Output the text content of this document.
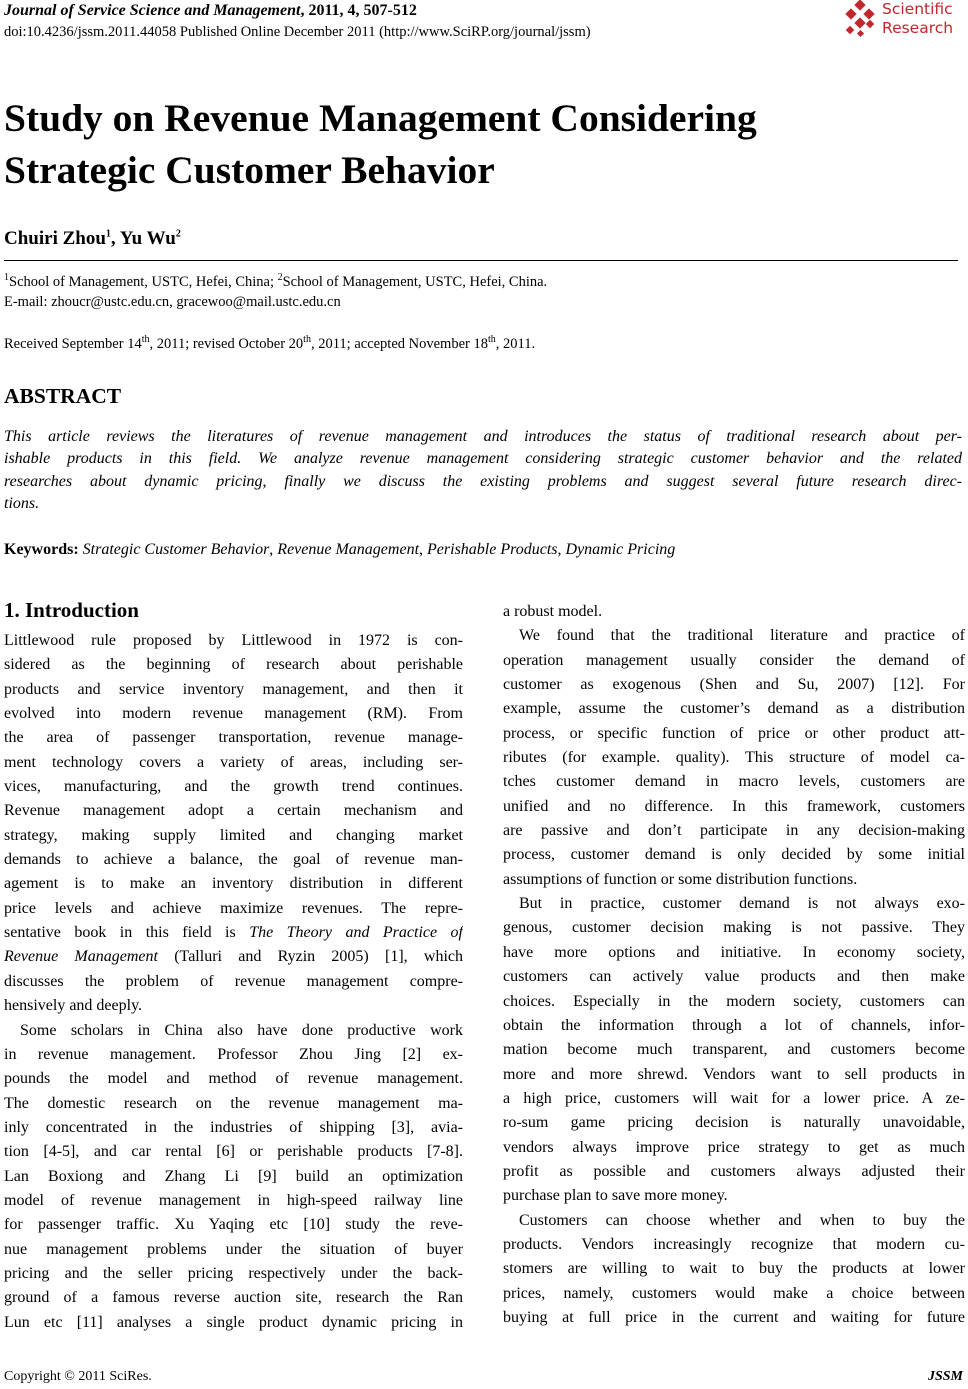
Journal of Service Science and Management, 2011, 4, 507-512
doi:10.4236/jssm.2011.44058 Published Online December 2011 (http://www.SciRP.org/journal/jssm)
Scientific
Research
Study on Revenue Management Considering
Strategic Customer Behavior
Chuiri Zhou$^1$, Yu Wu$^2$
$^1$School of Management, USTC, Hefei, China; $^2$School of Management, USTC, Hefei, China.
E-mail: zhoucr@ustc.edu.cn, gracewoo@mail.ustc.edu.cn
Received September 14th, 2011; revised October 20th, 2011; accepted November 18th, 2011.
ABSTRACT
This article reviews the literatures of revenue management and introduces the status of traditional research about per-
ishable products in this field. We analyze revenue management considering strategic customer behavior and the related
researches about dynamic pricing, finally we discuss the existing problems and suggest several future research direc-
tions.
Keywords: Strategic Customer Behavior, Revenue Management, Perishable Products, Dynamic Pricing
1. Introduction
Littlewood rule proposed by Littlewood in 1972 is con-
sidered as the beginning of research about perishable
products and service inventory management, and then it
evolved into modern revenue management (RM). From
the area of passenger transportation, revenue manage-
ment technology covers a variety of areas, including ser-
vices, manufacturing, and the growth trend continues.
Revenue management adopt a certain mechanism and
strategy, making supply limited and changing market
demands to achieve a balance, the goal of revenue man-
agement is to make an inventory distribution in different
price levels and achieve maximize revenues. The repre-
sentative book in this field is The Theory and Practice of
Revenue Management (Talluri and Ryzin 2005) [1], which
discusses the problem of revenue management compre-
hensively and deeply.
Some scholars in China also have done productive work
in revenue management. Professor Zhou Jing [2] ex-
pounds the model and method of revenue management.
The domestic research on the revenue management ma-
inly concentrated in the industries of shipping [3], avia-
tion [4-5], and car rental [6] or perishable products [7-8].
Lan Boxiong and Zhang Li [9] build an optimization
model of revenue management in high-speed railway line
for passenger traffic. Xu Yaqing etc [10] study the reve-
nue management problems under the situation of buyer
pricing and the seller pricing respectively under the back-
ground of a famous reverse auction site, research the Ran
Lun etc [11] analyses a single product dynamic pricing in
a robust model.
We found that the traditional literature and practice of
operation management usually consider the demand of
customer as exogenous (Shen and Su, 2007) [12]. For
example, assume the customer’s demand as a distribution
process, or specific function of price or other product att-
ributes (for example. quality). This structure of model ca-
tches customer demand in macro levels, customers are
unified and no difference. In this framework, customers
are passive and don’t participate in any decision-making
process, customer demand is only decided by some initial
assumptions of function or some distribution functions.
But in practice, customer demand is not always exo-
genous, customer decision making is not passive. They
have more options and initiative. In economy society,
customers can actively value products and then make
choices. Especially in the modern society, customers can
obtain the information through a lot of channels, infor-
mation become much transparent, and customers become
more and more shrewd. Vendors want to sell products in
a high price, customers will wait for a lower price. A ze-
ro-sum game pricing decision is naturally unavoidable,
vendors always improve price strategy to get as much
profit as possible and customers always adjusted their
purchase plan to save more money.
Customers can choose whether and when to buy the
products. Vendors increasingly recognize that modern cu-
stomers are willing to wait to buy the products at lower
prices, namely, customers would make a choice between
buying at full price in the current and waiting for future
Copyright © 2011 SciRes.	JSSM
